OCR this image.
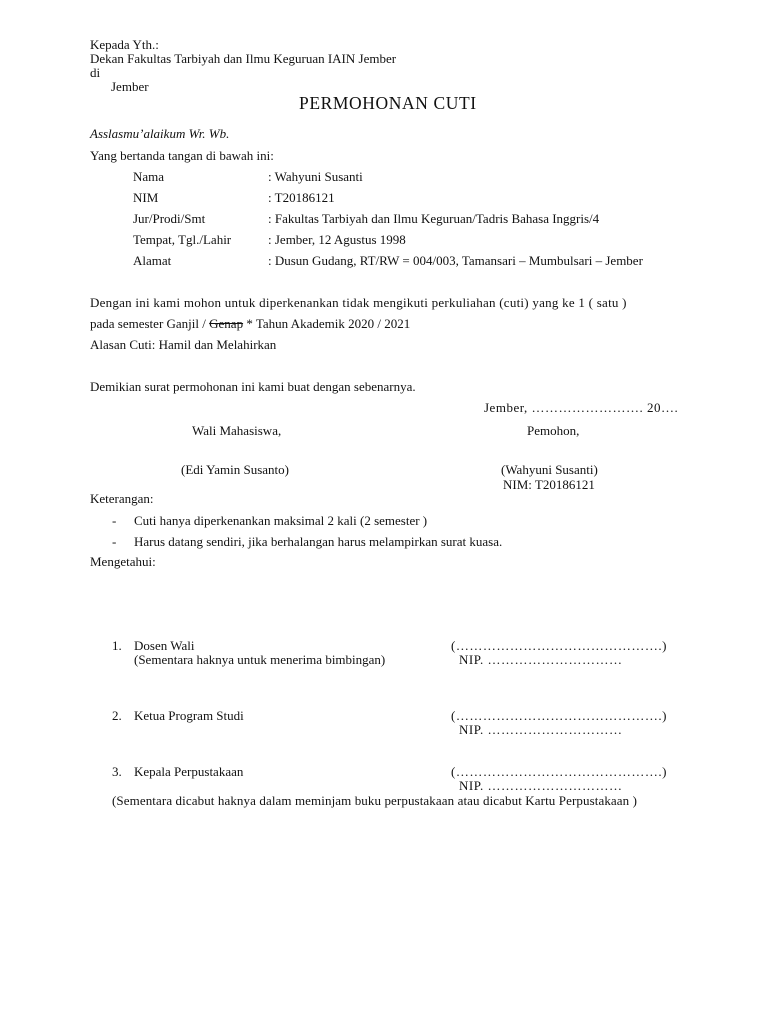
Kepada Yth.:
Dekan Fakultas Tarbiyah dan Ilmu Keguruan IAIN Jember
di
Jember
PERMOHONAN CUTI
Asslasmu’alaikum Wr. Wb.
Yang bertanda tangan di bawah ini:
Nama	: Wahyuni Susanti
NIM	: T20186121
Jur/Prodi/Smt	: Fakultas Tarbiyah dan Ilmu Keguruan/Tadris Bahasa Inggris/4
Tempat, Tgl./Lahir	: Jember, 12 Agustus 1998
Alamat	: Dusun Gudang, RT/RW = 004/003, Tamansari – Mumbulsari – Jember
Dengan ini kami mohon untuk diperkenankan tidak mengikuti perkuliahan (cuti) yang ke 1 ( satu )
pada semester Ganjil / Genap * Tahun Akademik 2020 / 2021
Alasan Cuti: Hamil dan Melahirkan
Demikian surat permohonan ini kami buat dengan sebenarnya.
Jember, ……………………. 20….
Wali Mahasiswa,	Pemohon,
(Edi Yamin Susanto)	(Wahyuni Susanti)
NIM: T20186121
Keterangan:
- Cuti hanya diperkenankan maksimal 2 kali (2 semester )
- Harus datang sendiri, jika berhalangan harus melampirkan surat kuasa.
Mengetahui:
1. Dosen Wali
(Sementara haknya untuk menerima bimbingan)
(……………………………………….)
NIP. …………………………
2. Ketua Program Studi	(……………………………………….)
NIP. …………………………
3. Kepala Perpustakaan	(……………………………………….)
NIP. …………………………
(Sementara dicabut haknya dalam meminjam buku perpustakaan atau dicabut Kartu Perpustakaan )
